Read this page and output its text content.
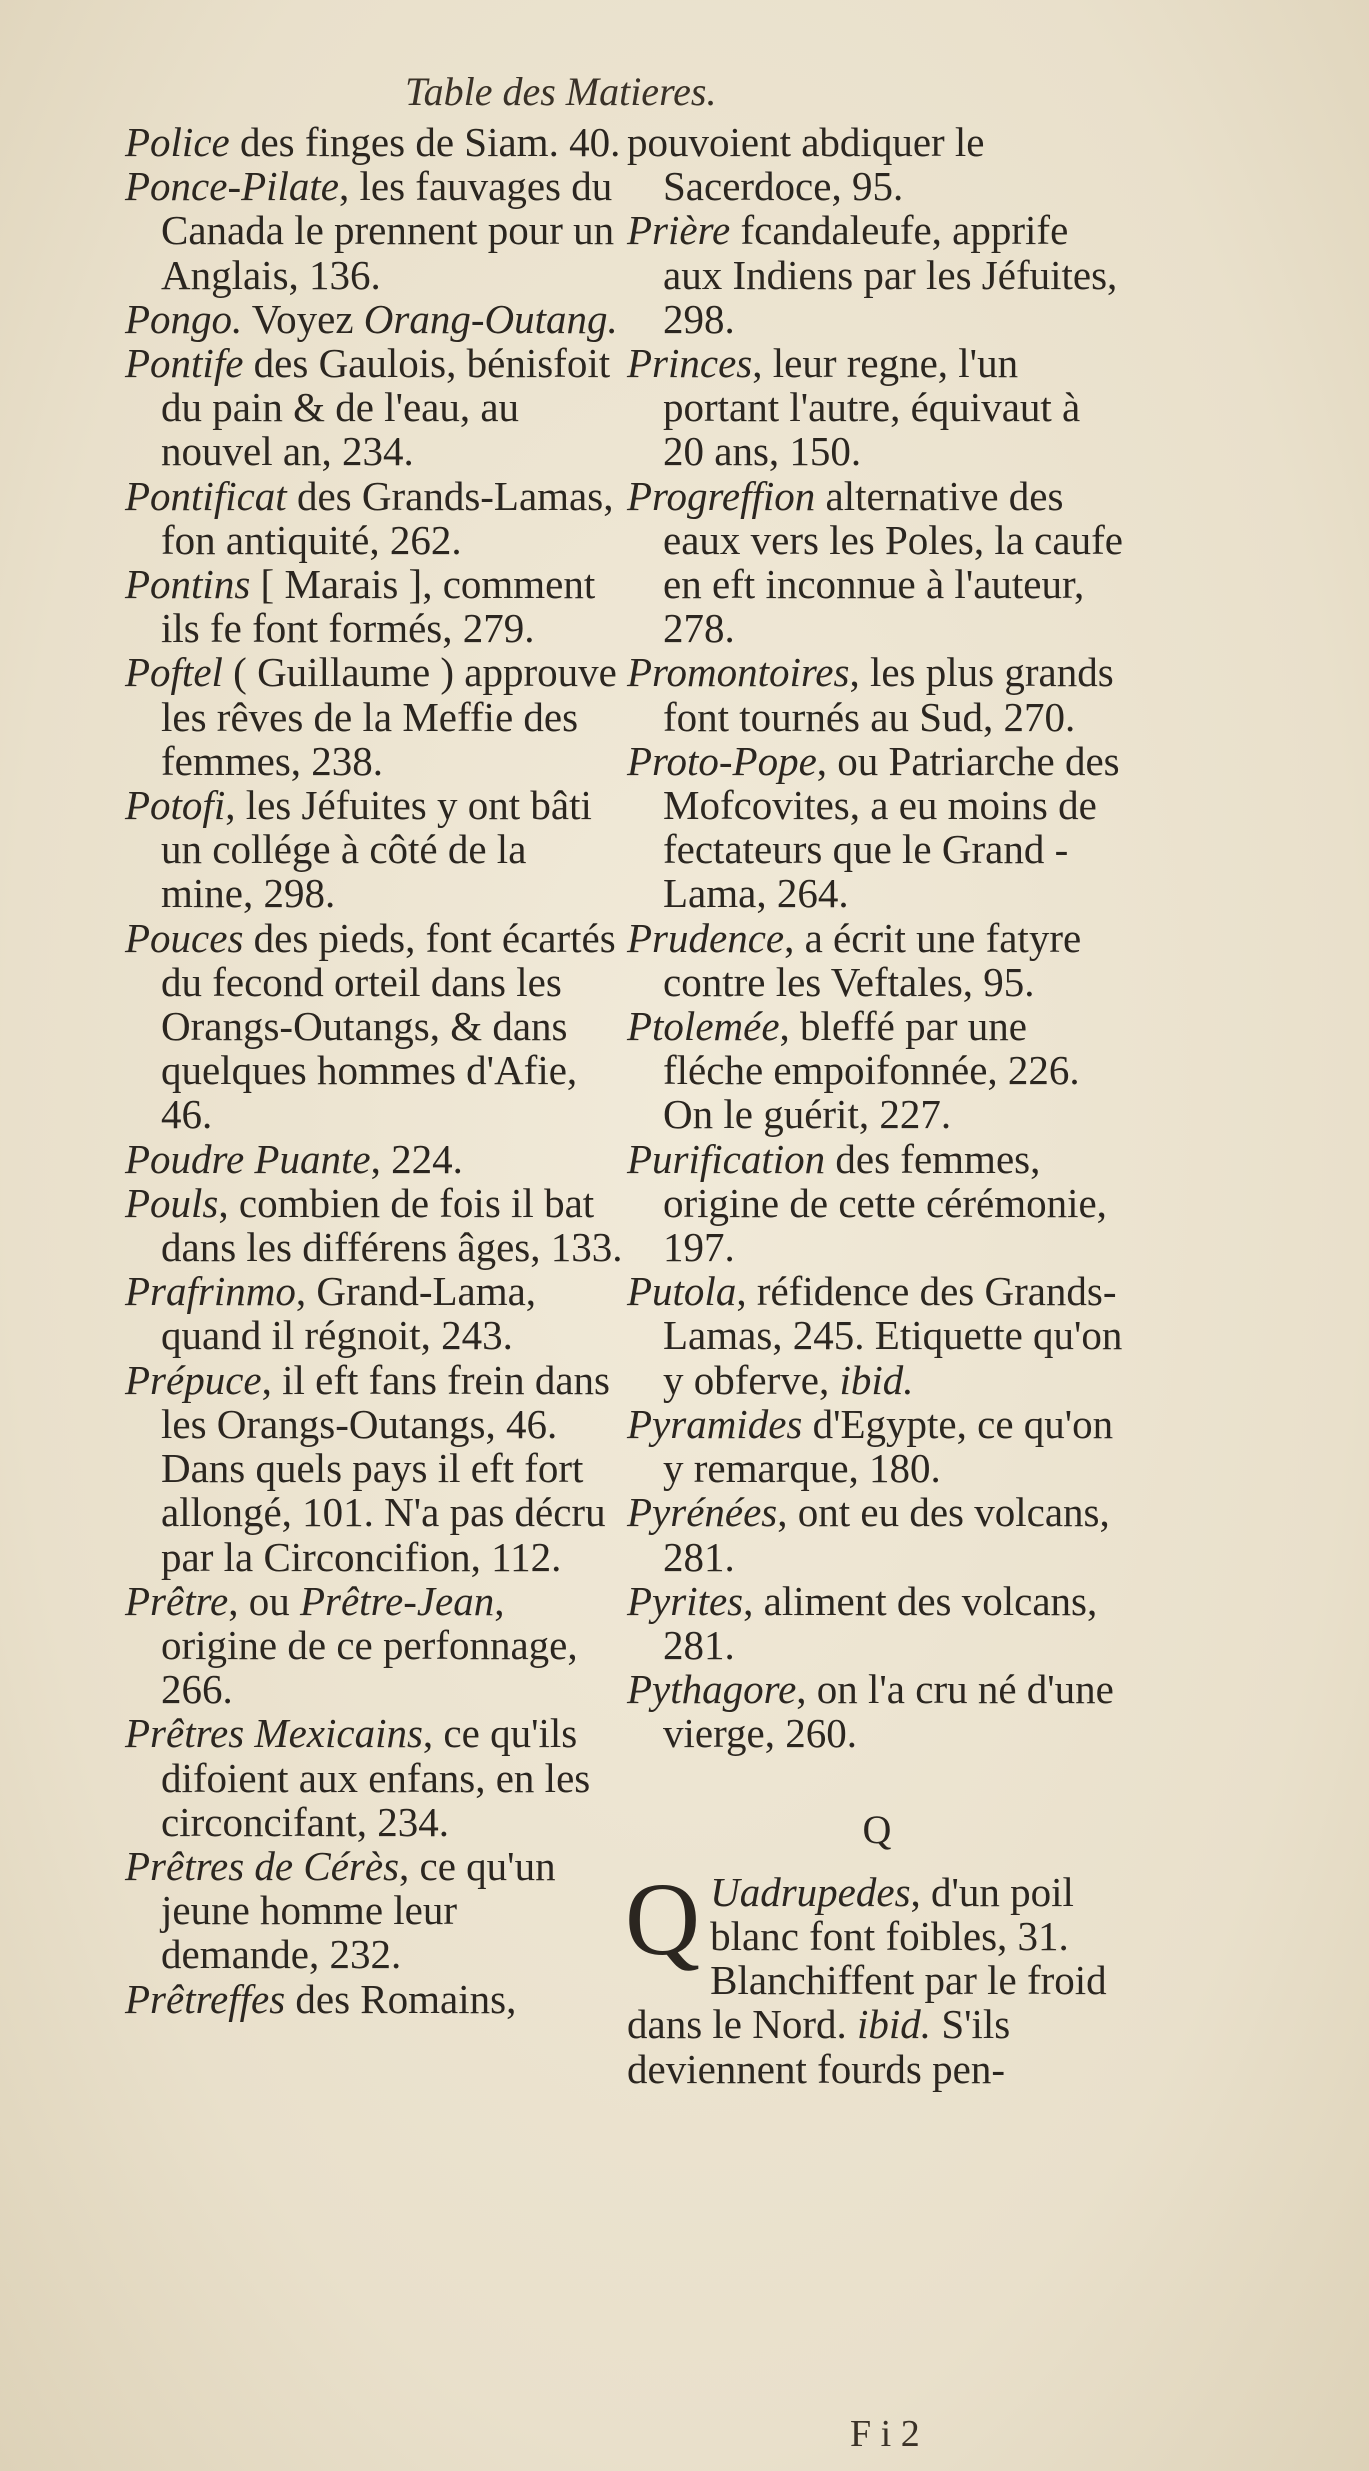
Table des Matieres.
Police des finges de Siam. 40.
Ponce-Pilate, les fauvages du Canada le prennent pour un Anglais, 136.
Pongo. Voyez Orang-Outang.
Pontife des Gaulois, bénisfoit du pain & de l'eau, au nouvel an, 234.
Pontificat des Grands-Lamas, fon antiquité, 262.
Pontins [ Marais ], comment ils fe font formés, 279.
Poftel ( Guillaume ) approuve les rêves de la Meffie des femmes, 238.
Potofi, les Jéfuites y ont bâti un collége à côté de la mine, 298.
Pouces des pieds, font écartés du fecond orteil dans les Orangs-Outangs, & dans quelques hommes d'Afie, 46.
Poudre Puante, 224.
Pouls, combien de fois il bat dans les différens âges, 133.
Prafrinmo, Grand-Lama, quand il régnoit, 243.
Prépuce, il eft fans frein dans les Orangs-Outangs, 46. Dans quels pays il eft fort allongé, 101. N'a pas décru par la Circoncifion, 112.
Prêtre, ou Prêtre-Jean, origine de ce perfonnage, 266.
Prêtres Mexicains, ce qu'ils difoient aux enfans, en les circoncifant, 234.
Prêtres de Cérès, ce qu'un jeune homme leur demande, 232.
Prêtreffes des Romains,
pouvoient abdiquer le Sacerdoce, 95.
Prière fcandaleufe, apprife aux Indiens par les Jéfuites, 298.
Princes, leur regne, l'un portant l'autre, équivaut à 20 ans, 150.
Progreffion alternative des eaux vers les Poles, la caufe en eft inconnue à l'auteur, 278.
Promontoires, les plus grands font tournés au Sud, 270.
Proto-Pope, ou Patriarche des Mofcovites, a eu moins de fectateurs que le Grand - Lama, 264.
Prudence, a écrit une fatyre contre les Veftales, 95.
Ptolemée, bleffé par une fléche empoifonnée, 226. On le guérit, 227.
Purification des femmes, origine de cette cérémonie, 197.
Putola, réfidence des Grands-Lamas, 245. Etiquette qu'on y obferve, ibid.
Pyramides d'Egypte, ce qu'on y remarque, 180.
Pyrénées, ont eu des volcans, 281.
Pyrites, aliment des volcans, 281.
Pythagore, on l'a cru né d'une vierge, 260.
Q
Q Uadrupedes, d'un poil blanc font foibles, 31. Blanchiffent par le froid dans le Nord. ibid. S'ils deviennent fourds pen-
F i 2
